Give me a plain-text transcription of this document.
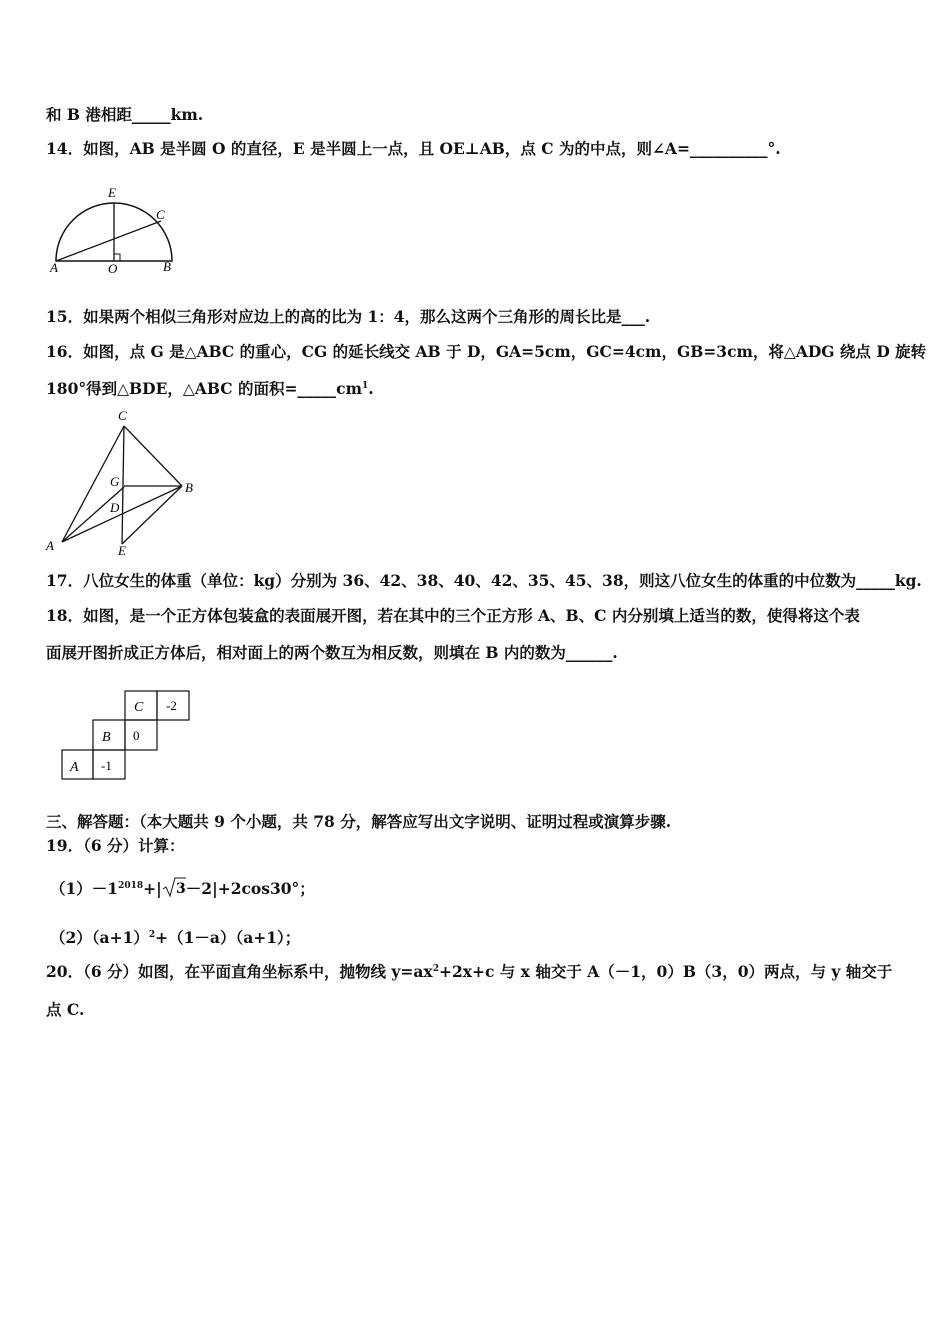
和 B 港相距_____km.
14．如图，AB 是半圆 O 的直径，E 是半圆上一点，且 OE⊥AB，点 C 为的中点，则∠A=__________°.
E
C
A	O	B
15．如果两个相似三角形对应边上的高的比为 1：4，那么这两个三角形的周长比是___.
16．如图，点 G 是△ABC 的重心，CG 的延长线交 AB 于 D，GA=5cm，GC=4cm，GB=3cm，将△ADG 绕点 D 旋转
180°得到△BDE，△ABC 的面积$=\_\_\_\_\_cm^1$.
C
G	B
D
A	E
17．八位女生的体重（单位：kg）分别为 36、42、38、40、42、35、45、38，则这八位女生的体重的中位数为_____kg.
18．如图，是一个正方体包装盒的表面展开图，若在其中的三个正方形 A、B、C 内分别填上适当的数，使得将这个表
面展开图折成正方体后，相对面上的两个数互为相反数，则填在 B 内的数为______.
C -2
B 0
A -1
三、解答题：（本大题共 9 个小题，共 78 分，解答应写出文字说明、证明过程或演算步骤.
19．（6 分）计算：
$(1)-1^{2018}+|$ 3 －2|+2cos30°；
$(2)(a+1)^2+(1-a)(a+1)$；
20．（6 分）如图，在平面直角坐标系中，抛物线 $y=ax^2+2x+c$ 与 x 轴交于 A（－1，0）B（3，0）两点，与 y 轴交于
点 C.
